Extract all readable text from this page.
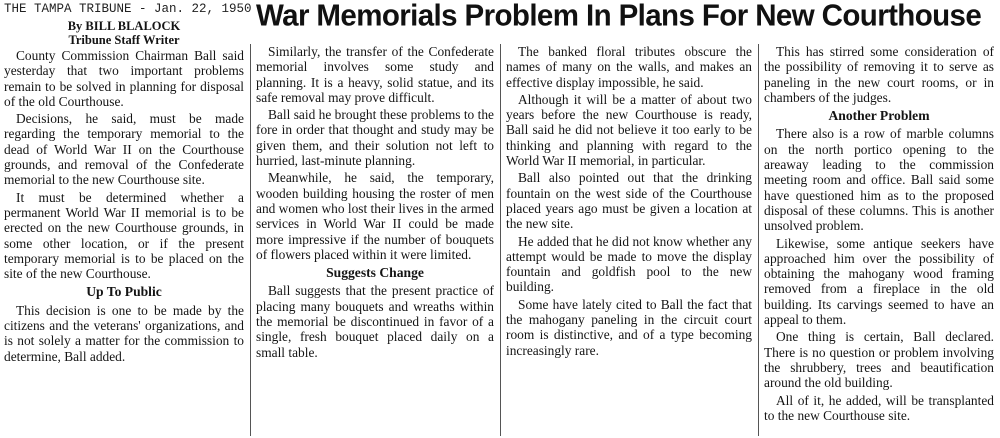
THE TAMPA TRIBUNE - Jan. 22, 1950
By BILL BLALOCK
Tribune Staff Writer
War Memorials Problem In Plans For New Courthouse

County Commission Chairman Ball said yesterday that two important problems remain to be solved in planning for disposal of the old Courthouse.

Decisions, he said, must be made regarding the temporary memorial to the dead of World War II on the Courthouse grounds, and removal of the Confederate memorial to the new Courthouse site.

It must be determined whether a permanent World War II memorial is to be erected on the new Courthouse grounds, in some other location, or if the present temporary memorial is to be placed on the site of the new Courthouse.

Up To Public

This decision is one to be made by the citizens and the veterans' organizations, and is not solely a matter for the commission to determine, Ball added.

Similarly, the transfer of the Confederate memorial involves some study and planning. It is a heavy, solid statue, and its safe removal may prove difficult.

Ball said he brought these problems to the fore in order that thought and study may be given them, and their solution not left to hurried, last-minute planning.

Meanwhile, he said, the temporary, wooden building housing the roster of men and women who lost their lives in the armed services in World War II could be made more impressive if the number of bouquets of flowers placed within it were limited.

Suggests Change

Ball suggests that the present practice of placing many bouquets and wreaths within the memorial be discontinued in favor of a single, fresh bouquet placed daily on a small table.

The banked floral tributes obscure the names of many on the walls, and makes an effective display impossible, he said.

Although it will be a matter of about two years before the new Courthouse is ready, Ball said he did not believe it too early to be thinking and planning with regard to the World War II memorial, in particular.

Ball also pointed out that the drinking fountain on the west side of the Courthouse placed years ago must be given a location at the new site.

He added that he did not know whether any attempt would be made to move the display fountain and goldfish pool to the new building.

Some have lately cited to Ball the fact that the mahogany paneling in the circuit court room is distinctive, and of a type becoming increasingly rare.

This has stirred some consideration of the possibility of removing it to serve as paneling in the new court rooms, or in chambers of the judges.

Another Problem

There also is a row of marble columns on the north portico opening to the areaway leading to the commission meeting room and office. Ball said some have questioned him as to the proposed disposal of these columns. This is another unsolved problem.

Likewise, some antique seekers have approached him over the possibility of obtaining the mahogany wood framing removed from a fireplace in the old building. Its carvings seemed to have an appeal to them.

One thing is certain, Ball declared. There is no question or problem involving the shrubbery, trees and beautification around the old building.

All of it, he added, will be transplanted to the new Courthouse site.
